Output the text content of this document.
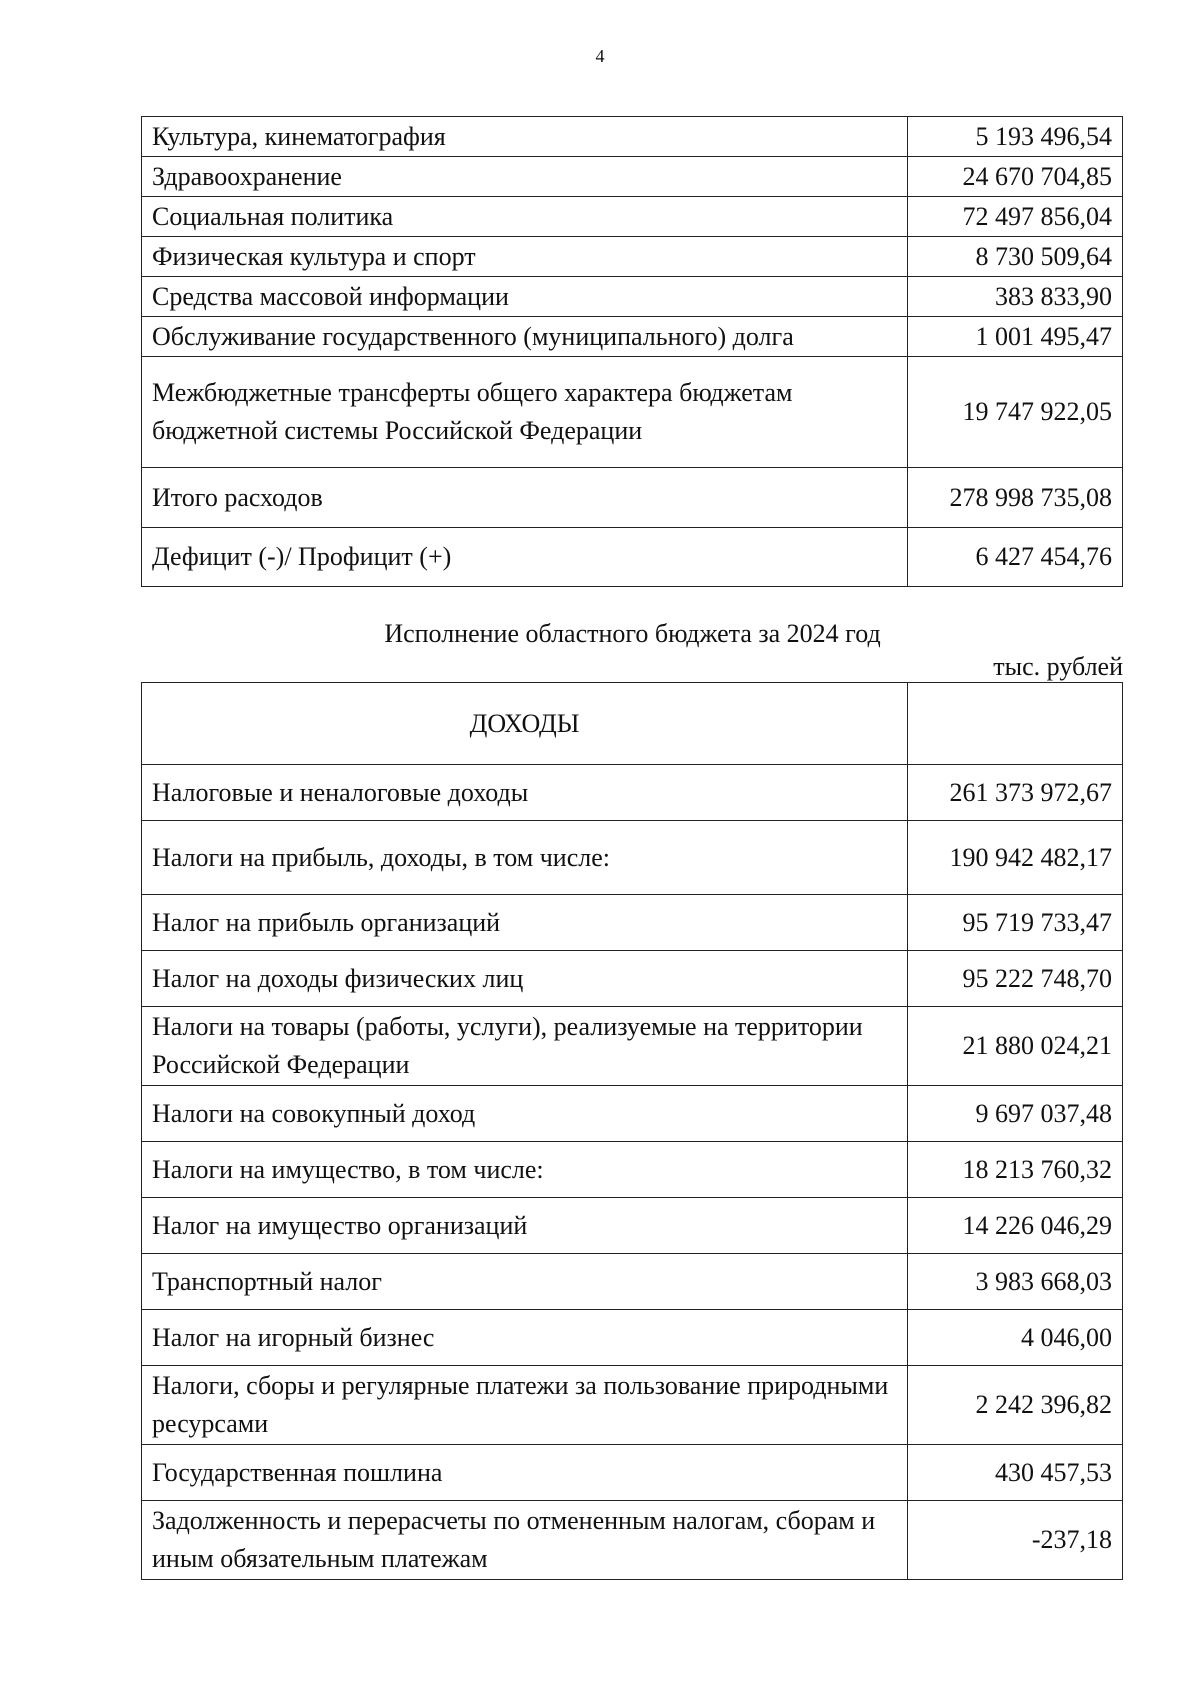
4
Культура, кинематография	5 193 496,54
Здравоохранение	24 670 704,85
Социальная политика	72 497 856,04
Физическая культура и спорт	8 730 509,64
Средства массовой информации	383 833,90
Обслуживание государственного (муниципального) долга	1 001 495,47
Межбюджетные трансферты общего характера бюджетам бюджетной системы Российской Федерации	19 747 922,05
Итого расходов	278 998 735,08
Дефицит (-)/ Профицит (+)	6 427 454,76
Исполнение областного бюджета за 2024 год
тыс. рублей
ДОХОДЫ	
Налоговые и неналоговые доходы	261 373 972,67
Налоги на прибыль, доходы, в том числе:	190 942 482,17
Налог на прибыль организаций	95 719 733,47
Налог на доходы физических лиц	95 222 748,70
Налоги на товары (работы, услуги), реализуемые на территории Российской Федерации	21 880 024,21
Налоги на совокупный доход	9 697 037,48
Налоги на имущество, в том числе:	18 213 760,32
Налог на имущество организаций	14 226 046,29
Транспортный налог	3 983 668,03
Налог на игорный бизнес	4 046,00
Налоги, сборы и регулярные платежи за пользование природными ресурсами	2 242 396,82
Государственная пошлина	430 457,53
Задолженность и перерасчеты по отмененным налогам, сборам и иным обязательным платежам	-237,18
